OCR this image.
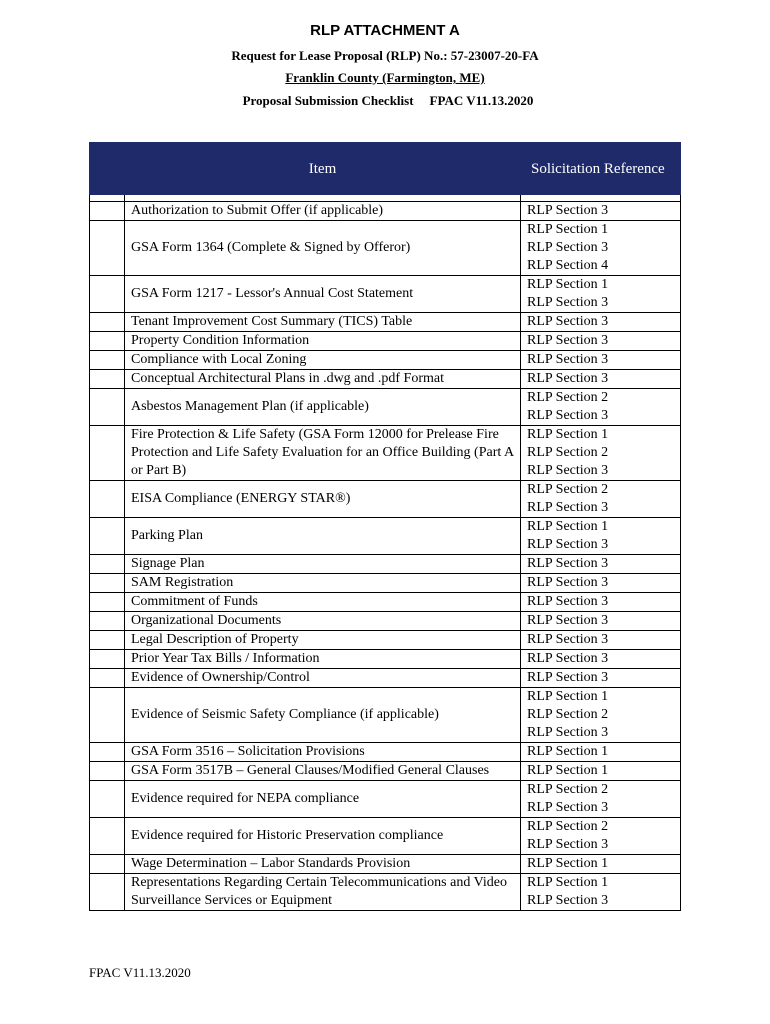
RLP ATTACHMENT A
Request for Lease Proposal (RLP) No.: 57-23007-20-FA
Franklin County (Farmington, ME)
Proposal Submission Checklist FPAC V11.13.2020
	Item	Solicitation Reference

	Authorization to Submit Offer (if applicable)	RLP Section 3

	GSA Form 1364 (Complete & Signed by Offeror)	RLP Section 1
RLP Section 3
RLP Section 4

	GSA Form 1217 - Lessor's Annual Cost Statement	RLP Section 1
RLP Section 3

	Tenant Improvement Cost Summary (TICS) Table	RLP Section 3

	Property Condition Information	RLP Section 3

	Compliance with Local Zoning	RLP Section 3

	Conceptual Architectural Plans in .dwg and .pdf Format	RLP Section 3

	Asbestos Management Plan (if applicable)	RLP Section 2
RLP Section 3

	Fire Protection & Life Safety (GSA Form 12000 for Prelease Fire Protection and Life Safety Evaluation for an Office Building (Part A or Part B)	RLP Section 1
RLP Section 2
RLP Section 3

	EISA Compliance (ENERGY STAR®)	RLP Section 2
RLP Section 3

	Parking Plan	RLP Section 1
RLP Section 3

	Signage Plan	RLP Section 3

	SAM Registration	RLP Section 3

	Commitment of Funds	RLP Section 3

	Organizational Documents	RLP Section 3

	Legal Description of Property	RLP Section 3

	Prior Year Tax Bills / Information	RLP Section 3

	Evidence of Ownership/Control	RLP Section 3

	Evidence of Seismic Safety Compliance (if applicable)	RLP Section 1
RLP Section 2
RLP Section 3

	GSA Form 3516 – Solicitation Provisions	RLP Section 1

	GSA Form 3517B – General Clauses/Modified General Clauses	RLP Section 1

	Evidence required for NEPA compliance	RLP Section 2
RLP Section 3

	Evidence required for Historic Preservation compliance	RLP Section 2
RLP Section 3

	Wage Determination – Labor Standards Provision	RLP Section 1

	Representations Regarding Certain Telecommunications and Video Surveillance Services or Equipment	RLP Section 1
RLP Section 3
FPAC V11.13.2020
